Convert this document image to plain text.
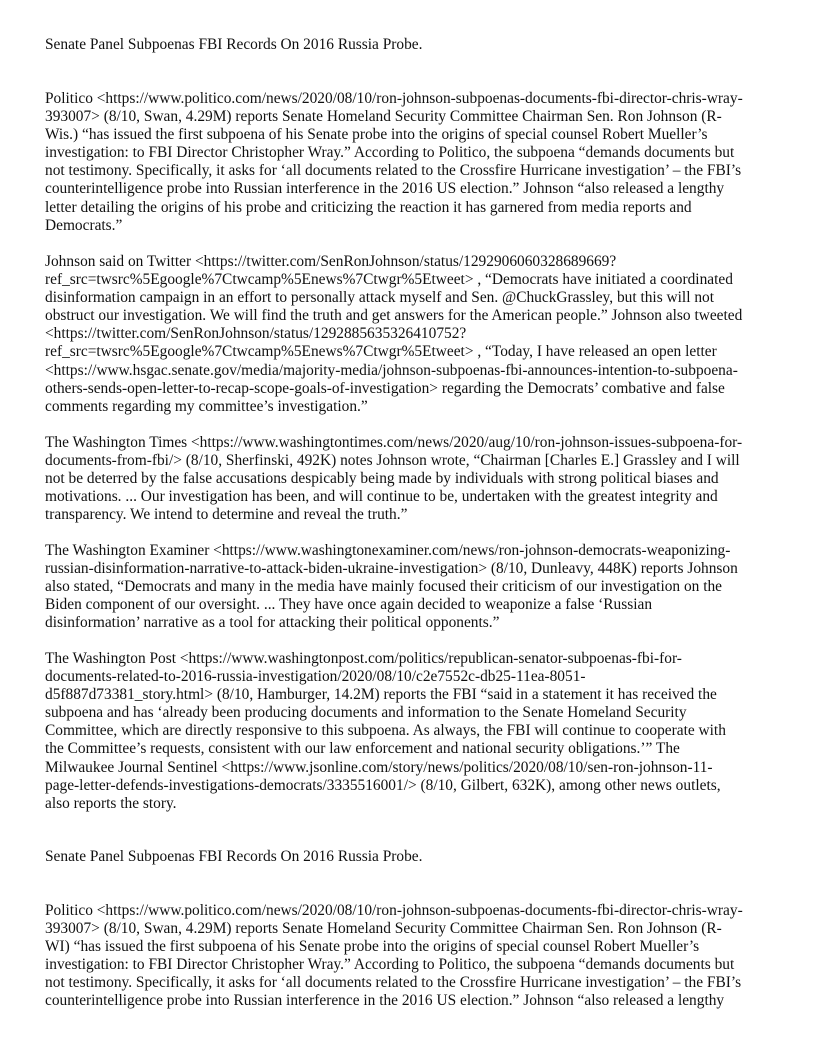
Senate Panel Subpoenas FBI Records On 2016 Russia Probe.
Politico <https://www.politico.com/news/2020/08/10/ron-johnson-subpoenas-documents-fbi-director-chris-wray-
393007> (8/10, Swan, 4.29M) reports Senate Homeland Security Committee Chairman Sen. Ron Johnson (R-
Wis.) “has issued the first subpoena of his Senate probe into the origins of special counsel Robert Mueller’s
investigation: to FBI Director Christopher Wray.” According to Politico, the subpoena “demands documents but
not testimony. Specifically, it asks for ‘all documents related to the Crossfire Hurricane investigation’ – the FBI’s
counterintelligence probe into Russian interference in the 2016 US election.” Johnson “also released a lengthy
letter detailing the origins of his probe and criticizing the reaction it has garnered from media reports and
Democrats.”
Johnson said on Twitter <https://twitter.com/SenRonJohnson/status/1292906060328689669?
ref_src=twsrc%5Egoogle%7Ctwcamp%5Enews%7Ctwgr%5Etweet> , “Democrats have initiated a coordinated
disinformation campaign in an effort to personally attack myself and Sen. @ChuckGrassley, but this will not
obstruct our investigation. We will find the truth and get answers for the American people.” Johnson also tweeted
<https://twitter.com/SenRonJohnson/status/1292885635326410752?
ref_src=twsrc%5Egoogle%7Ctwcamp%5Enews%7Ctwgr%5Etweet> , “Today, I have released an open letter
<https://www.hsgac.senate.gov/media/majority-media/johnson-subpoenas-fbi-announces-intention-to-subpoena-
others-sends-open-letter-to-recap-scope-goals-of-investigation> regarding the Democrats’ combative and false
comments regarding my committee’s investigation.”
The Washington Times <https://www.washingtontimes.com/news/2020/aug/10/ron-johnson-issues-subpoena-for-
documents-from-fbi/> (8/10, Sherfinski, 492K) notes Johnson wrote, “Chairman [Charles E.] Grassley and I will
not be deterred by the false accusations despicably being made by individuals with strong political biases and
motivations. ... Our investigation has been, and will continue to be, undertaken with the greatest integrity and
transparency. We intend to determine and reveal the truth.”
The Washington Examiner <https://www.washingtonexaminer.com/news/ron-johnson-democrats-weaponizing-
russian-disinformation-narrative-to-attack-biden-ukraine-investigation> (8/10, Dunleavy, 448K) reports Johnson
also stated, “Democrats and many in the media have mainly focused their criticism of our investigation on the
Biden component of our oversight. ... They have once again decided to weaponize a false ‘Russian
disinformation’ narrative as a tool for attacking their political opponents.”
The Washington Post <https://www.washingtonpost.com/politics/republican-senator-subpoenas-fbi-for-
documents-related-to-2016-russia-investigation/2020/08/10/c2e7552c-db25-11ea-8051-
d5f887d73381_story.html> (8/10, Hamburger, 14.2M) reports the FBI “said in a statement it has received the
subpoena and has ‘already been producing documents and information to the Senate Homeland Security
Committee, which are directly responsive to this subpoena. As always, the FBI will continue to cooperate with
the Committee’s requests, consistent with our law enforcement and national security obligations.’” The
Milwaukee Journal Sentinel <https://www.jsonline.com/story/news/politics/2020/08/10/sen-ron-johnson-11-
page-letter-defends-investigations-democrats/3335516001/> (8/10, Gilbert, 632K), among other news outlets,
also reports the story.
Senate Panel Subpoenas FBI Records On 2016 Russia Probe.
Politico <https://www.politico.com/news/2020/08/10/ron-johnson-subpoenas-documents-fbi-director-chris-wray-
393007> (8/10, Swan, 4.29M) reports Senate Homeland Security Committee Chairman Sen. Ron Johnson (R-
WI) “has issued the first subpoena of his Senate probe into the origins of special counsel Robert Mueller’s
investigation: to FBI Director Christopher Wray.” According to Politico, the subpoena “demands documents but
not testimony. Specifically, it asks for ‘all documents related to the Crossfire Hurricane investigation’ – the FBI’s
counterintelligence probe into Russian interference in the 2016 US election.” Johnson “also released a lengthy
